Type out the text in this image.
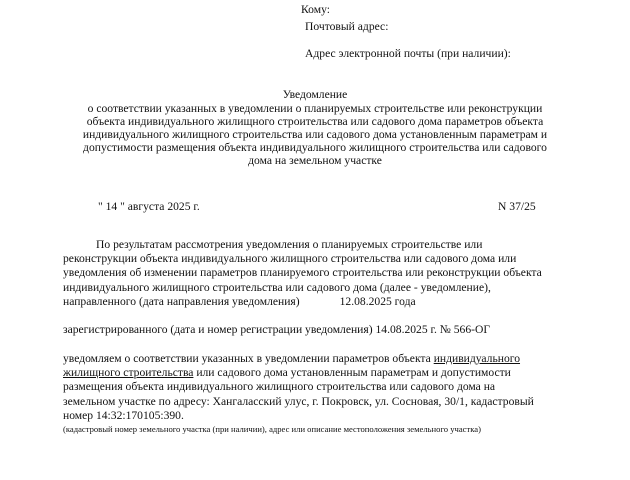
Кому:
Почтовый адрес:
Адрес электронной почты (при наличии):
Уведомление
о соответствии указанных в уведомлении о планируемых строительстве или реконструкции
объекта индивидуального жилищного строительства или садового дома параметров объекта
индивидуального жилищного строительства или садового дома установленным параметрам и
допустимости размещения объекта индивидуального жилищного строительства или садового
дома на земельном участке
" 14 " августа 2025 г.	N 37/25
По результатам рассмотрения уведомления о планируемых строительстве или
реконструкции объекта индивидуального жилищного строительства или садового дома или
уведомления об изменении параметров планируемого строительства или реконструкции объекта
индивидуального жилищного строительства или садового дома (далее - уведомление),
направленного (дата направления уведомления)	12.08.2025 года
зарегистрированного (дата и номер регистрации уведомления) 14.08.2025 г. № 566-ОГ
уведомляем о соответствии указанных в уведомлении параметров объекта индивидуального
жилищного строительства или садового дома установленным параметрам и допустимости
размещения объекта индивидуального жилищного строительства или садового дома на
земельном участке по адресу: Хангаласский улус, г. Покровск, ул. Сосновая, 30/1, кадастровый
номер 14:32:170105:390.
(кадастровый номер земельного участка (при наличии), адрес или описание местоположения земельного участка)
